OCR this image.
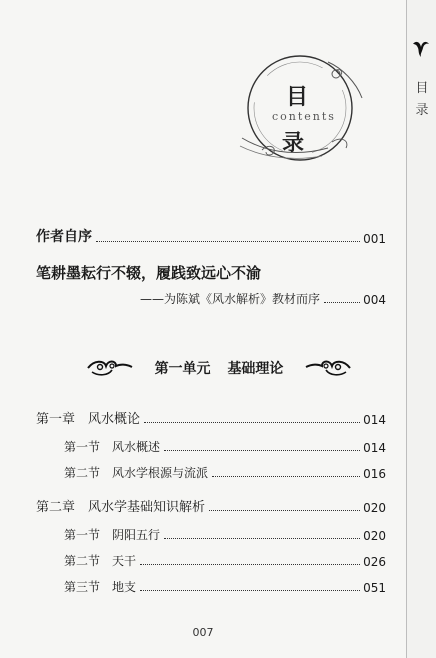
目
录
目
contents
录
作者自序	001
笔耕墨耘行不辍，履践致远心不渝
——为陈斌《风水解析》教材而序	004
第一单元 基础理论
第一章　风水概论	014
第一节 风水概述	014
第二节 风水学根源与流派	016
第二章　风水学基础知识解析	020
第一节 阴阳五行	020
第二节 天干	026
第三节 地支	051
007
